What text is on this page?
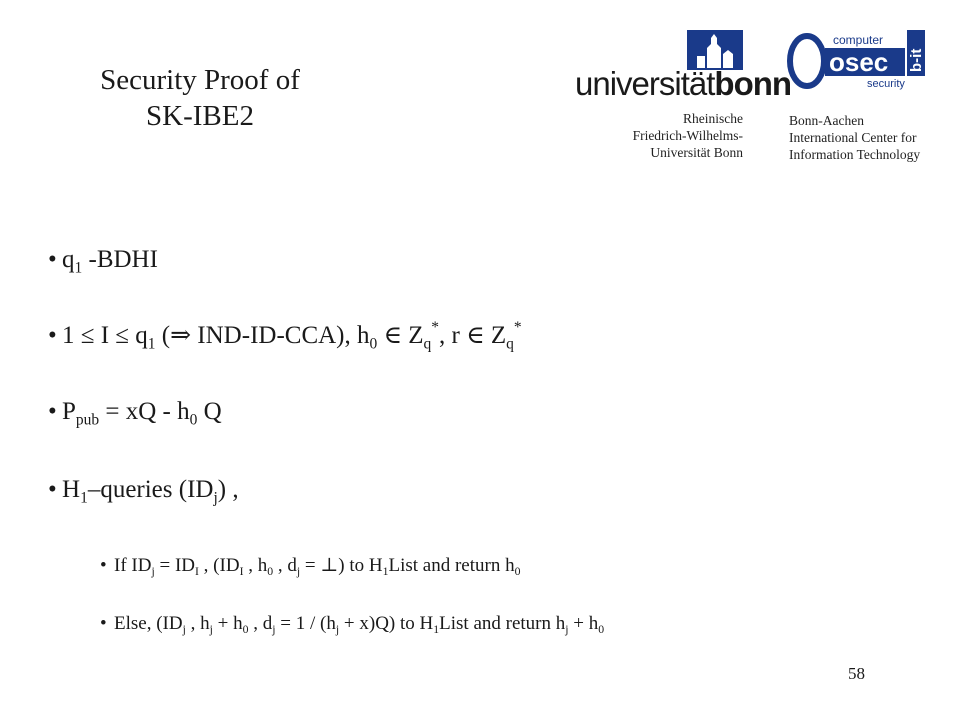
Security Proof of
SK-IBE2
universitätbonn
Rheinische
Friedrich-Wilhelms-
Universität Bonn
computer
osec
security
b-it
Bonn-Aachen
International Center for
Information Technology
• $q_1$ -BDHI
• $1 \le I \le q_1$ (⇒ IND-ID-CCA), $h_0$ ∈ $Z_q^*$, r ∈ $Z_q^*$
• $P_{pub}$ = xQ - $h_0$ Q
• $H_1$–queries $(ID_j)$ ,
• If $ID_j = ID_I$ , ($ID_I$ , $h_0$ , $d_j$ = ⊥) to $H_1List$ and return $h_0$
• Else, ($ID_j$ , $h_j + h_0$ , $d_j = 1 / (h_j + x)Q$) to $H_1List$ and return $h_j + h_0$
58
